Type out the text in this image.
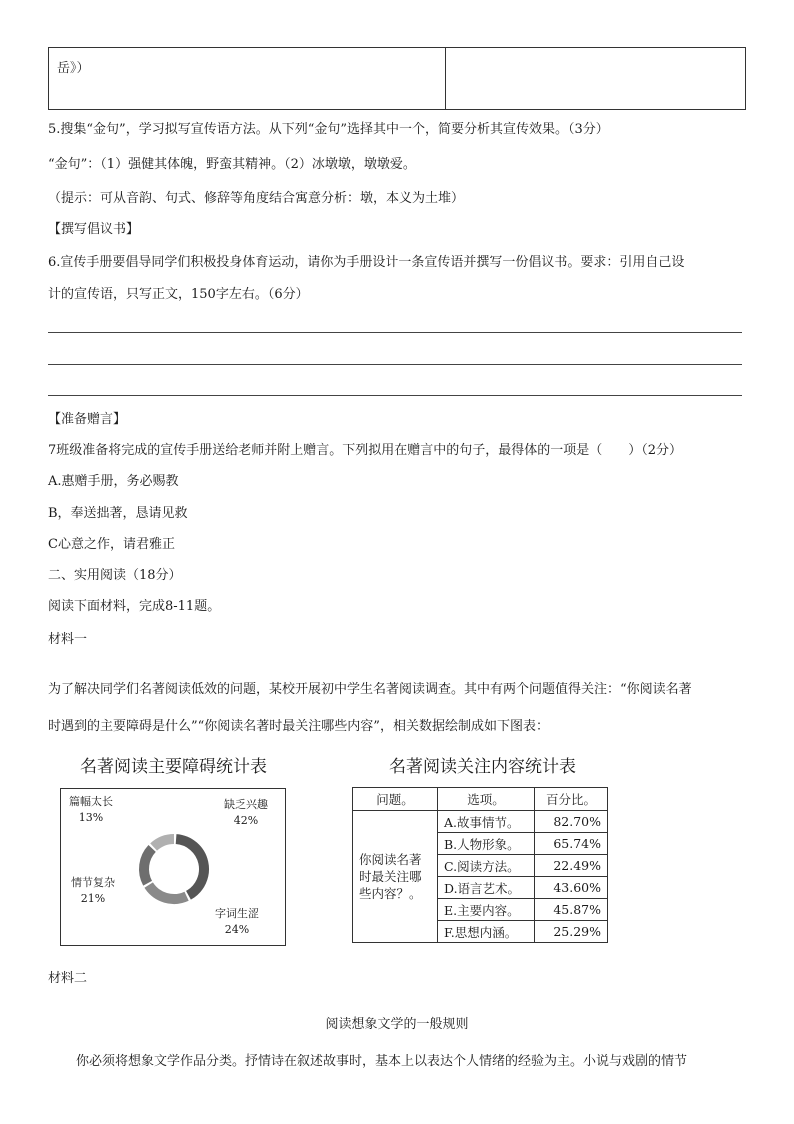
岳》）
5.搜集“金句”，学习拟写宣传语方法。从下列“金句”选择其中一个，简要分析其宣传效果。（3分）
“金句”：（1）强健其体魄，野蛮其精神。（2）冰墩墩，墩墩爱。
（提示：可从音韵、句式、修辞等角度结合寓意分析：墩，本义为土堆）
【撰写倡议书】
6.宣传手册要倡导同学们积极投身体育运动，请你为手册设计一条宣传语并撰写一份倡议书。要求：引用自己设
计的宣传语，只写正文，150字左右。（6分）
【准备赠言】
7班级准备将完成的宣传手册送给老师并附上赠言。下列拟用在赠言中的句子，最得体的一项是（　　）（2分）
A.惠赠手册，务必赐教
B，奉送拙著，恳请见救
C心意之作，请君雅正
二、实用阅读（18分）
阅读下面材料，完成8-11题。
材料一
为了解决同学们名著阅读低效的问题，某校开展初中学生名著阅读调查。其中有两个问题值得关注：“你阅读名著
时遇到的主要障碍是什么”“你阅读名著时最关注哪些内容”，相关数据绘制成如下图表：
名著阅读主要障碍统计表
篇幅太长
13%
缺乏兴趣
42%
情节复杂
21%
字词生涩
24%
名著阅读关注内容统计表
问题。	选项。	百分比。
你阅读名著时最关注哪些内容？。	A.故事情节。	82.70%
	B.人物形象。	65.74%
	C.阅读方法。	22.49%
	D.语言艺术。	43.60%
	E.主要内容。	45.87%
	F.思想内涵。	25.29%
材料二
阅读想象文学的一般规则
你必须将想象文学作品分类。抒情诗在叙述故事时，基本上以表达个人情绪的经验为主。小说与戏剧的情节
